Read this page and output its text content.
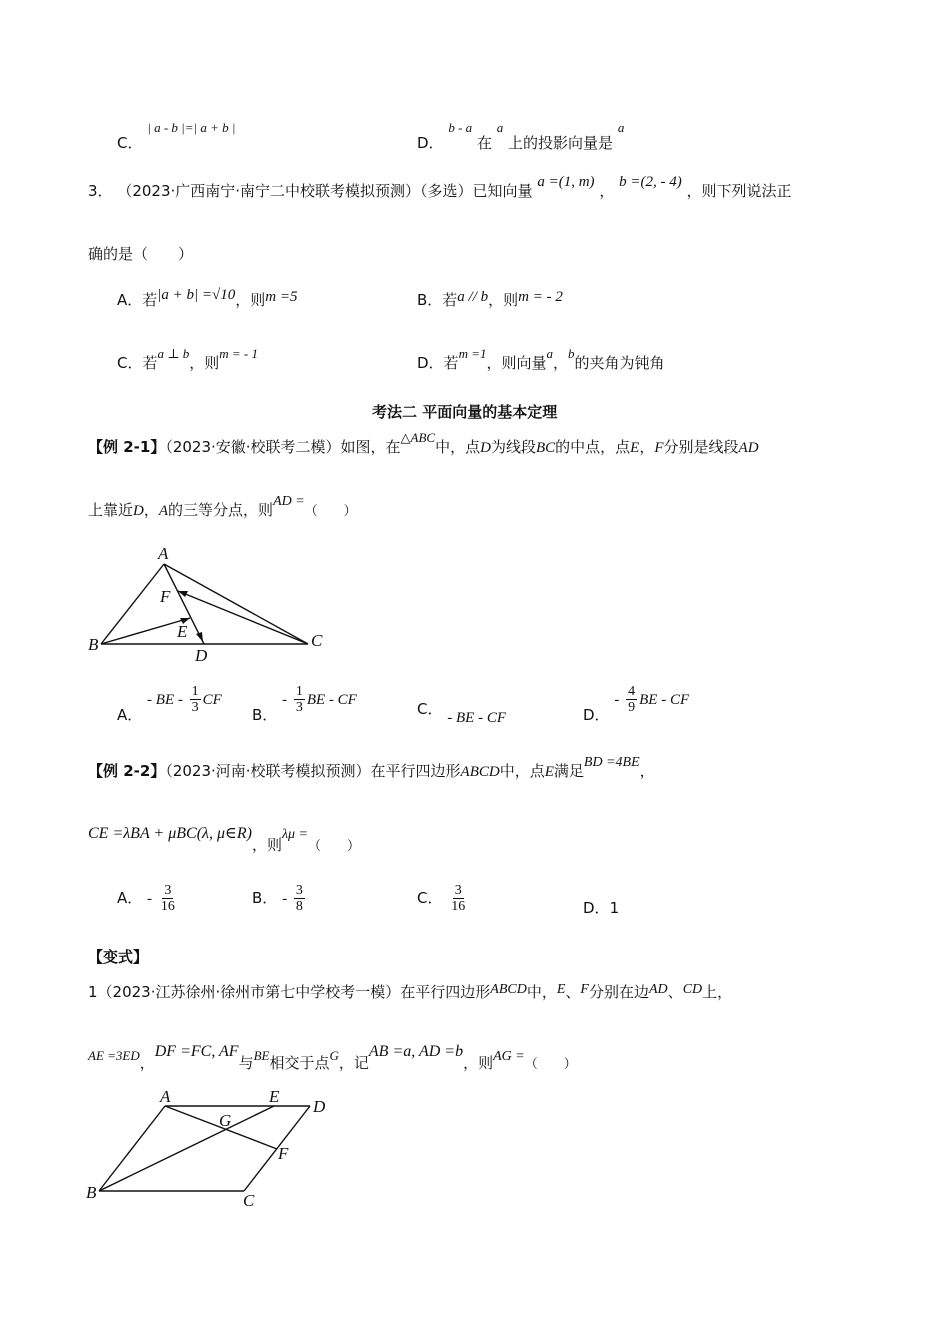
C． | a - b |=| a + b |
D． b - a 在 a 上的投影向量是 a
3． （2023·广西南宁·南宁二中校联考模拟预测）（多选）已知向量 a =(1, m) ， b =(2, - 4) ，则下列说法正
确的是（　　）
A．若|a + b| =√10，则m =5	B．若a // b，则m = - 2
C．若a ⊥ b，则m = - 1
D．若m =1，则向量a，b的夹角为钝角
考法二 平面向量的基本定理
【例 2-1】（2023·安徽·校联考二模）如图，在△ABC中，点D为线段BC的中点，点E，F分别是线段AD
上靠近D，A的三等分点，则AD =（　　）
A
B	C
D
E
F
A． - BE - $\frac{1}{3}$ CF
B． - $\frac{1}{3}$ BE - CF	C． - BE - CF	D． - $\frac{4}{9}$ BE - CF
【例 2-2】（2023·河南·校联考模拟预测）在平行四边形ABCD中，点E满足BD =4BE，
CE =λBA + μBC(λ, μ∈R)，则λμ =（　　）
A． - $\frac{3}{16}$	B． - $\frac{3}{8}$	C． $\frac{3}{16}$	D．1
【变式】
1（2023·江苏徐州·徐州市第七中学校考一模）在平行四边形ABCD中，E、F分别在边AD、CD上，
AE =3ED，DF =FC, AF与BE相交于点G，记AB =a, AD =b，则AG =（　　）
A
B	C
D
E
F
G
